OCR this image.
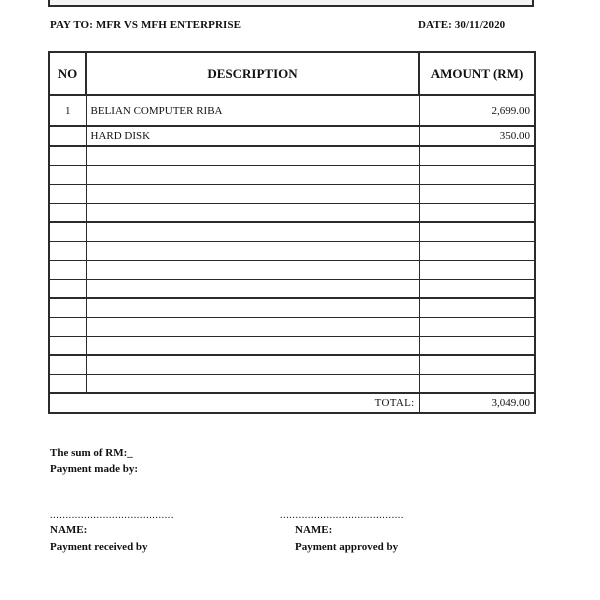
PAY TO: MFR VS MFH ENTERPRISE	DATE: 30/11/2020
NO	DESCRIPTION	AMOUNT (RM)
1	BELIAN COMPUTER RIBA	2,699.00
	HARD DISK	350.00

	TOTAL:	3,049.00
The sum of RM:_
Payment made by:
........................................	........................................
NAME:	NAME:
Payment received by	Payment approved by
